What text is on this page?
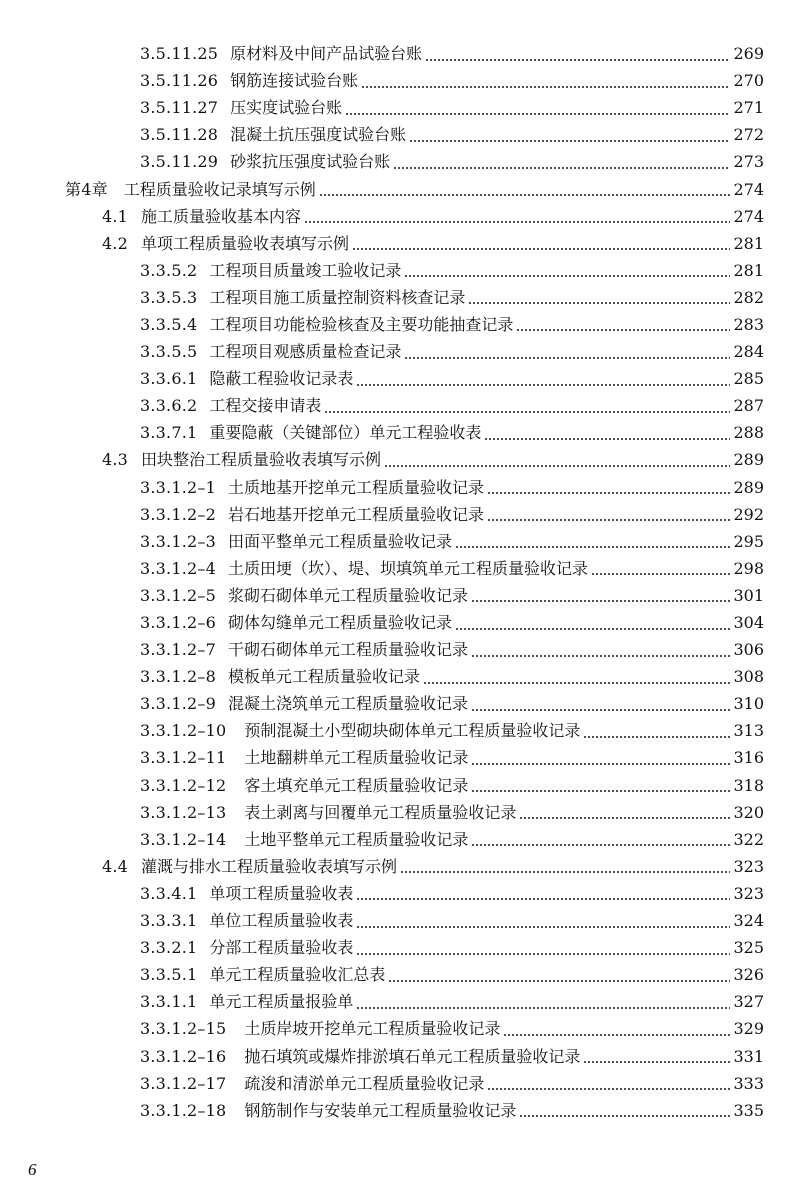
3.5.11.25 原材料及中间产品试验台账	269
3.5.11.26 钢筋连接试验台账	270
3.5.11.27 压实度试验台账	271
3.5.11.28 混凝土抗压强度试验台账	272
3.5.11.29 砂浆抗压强度试验台账	273
第4章 工程质量验收记录填写示例	274
4.1 施工质量验收基本内容	274
4.2 单项工程质量验收表填写示例	281
3.3.5.2 工程项目质量竣工验收记录	281
3.3.5.3 工程项目施工质量控制资料核查记录	282
3.3.5.4 工程项目功能检验核查及主要功能抽查记录	283
3.3.5.5 工程项目观感质量检查记录	284
3.3.6.1 隐蔽工程验收记录表	285
3.3.6.2 工程交接申请表	287
3.3.7.1 重要隐蔽（关键部位）单元工程验收表	288
4.3 田块整治工程质量验收表填写示例	289
3.3.1.2–1 土质地基开挖单元工程质量验收记录	289
3.3.1.2–2 岩石地基开挖单元工程质量验收记录	292
3.3.1.2–3 田面平整单元工程质量验收记录	295
3.3.1.2–4 土质田埂（坎）、堤、坝填筑单元工程质量验收记录	298
3.3.1.2–5 浆砌石砌体单元工程质量验收记录	301
3.3.1.2–6 砌体勾缝单元工程质量验收记录	304
3.3.1.2–7 干砌石砌体单元工程质量验收记录	306
3.3.1.2–8 模板单元工程质量验收记录	308
3.3.1.2–9 混凝土浇筑单元工程质量验收记录	310
3.3.1.2–10 预制混凝土小型砌块砌体单元工程质量验收记录	313
3.3.1.2–11 土地翻耕单元工程质量验收记录	316
3.3.1.2–12 客土填充单元工程质量验收记录	318
3.3.1.2–13 表土剥离与回覆单元工程质量验收记录	320
3.3.1.2–14 土地平整单元工程质量验收记录	322
4.4 灌溉与排水工程质量验收表填写示例	323
3.3.4.1 单项工程质量验收表	323
3.3.3.1 单位工程质量验收表	324
3.3.2.1 分部工程质量验收表	325
3.3.5.1 单元工程质量验收汇总表	326
3.3.1.1 单元工程质量报验单	327
3.3.1.2–15 土质岸坡开挖单元工程质量验收记录	329
3.3.1.2–16 抛石填筑或爆炸排淤填石单元工程质量验收记录	331
3.3.1.2–17 疏浚和清淤单元工程质量验收记录	333
3.3.1.2–18 钢筋制作与安装单元工程质量验收记录	335
6
